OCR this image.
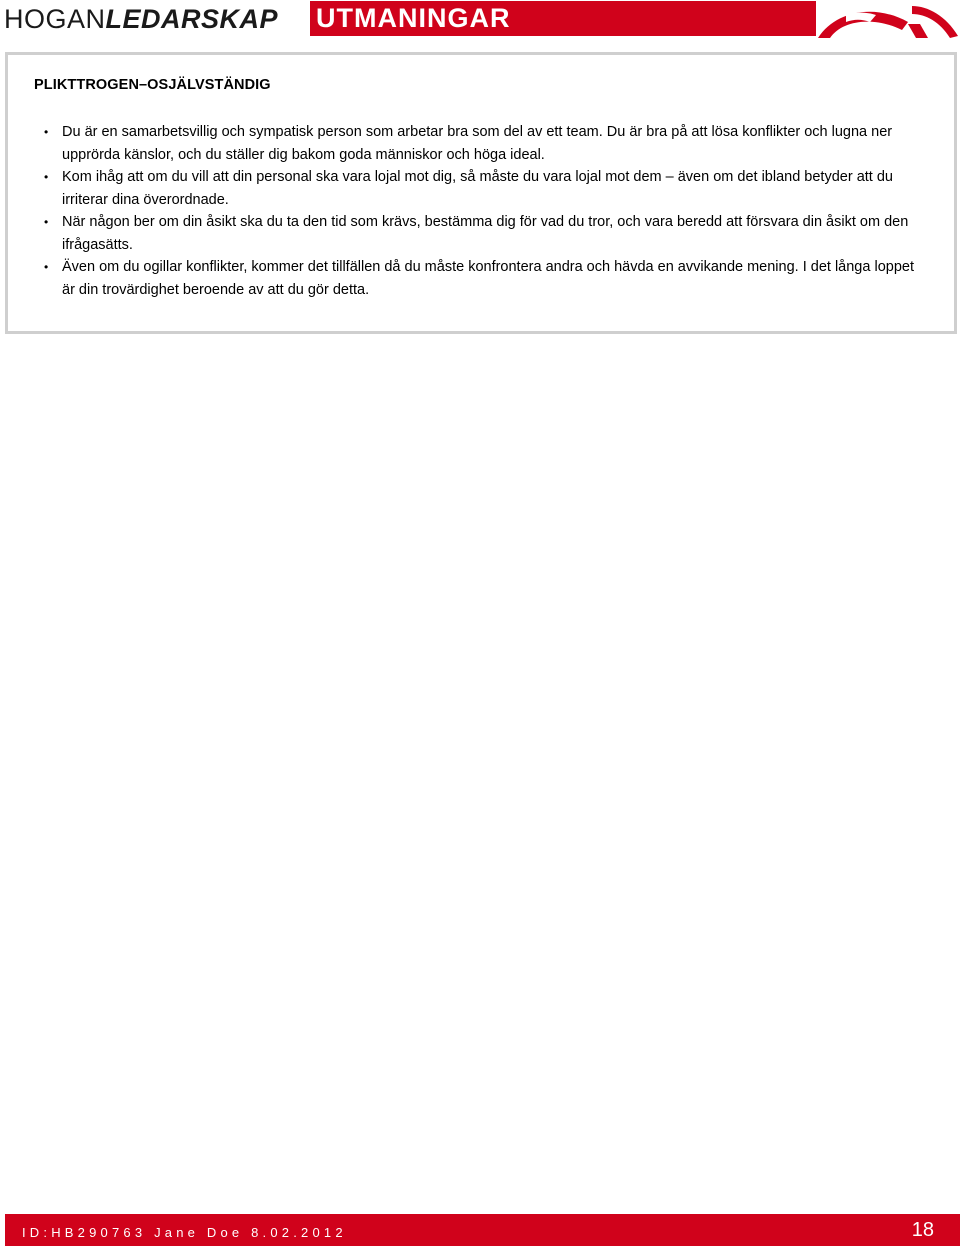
HOGANLEDARSKAP UTMANINGAR
PLIKTTROGEN–OSJÄLVSTÄNDIG
• Du är en samarbetsvillig och sympatisk person som arbetar bra som del av ett team. Du är bra på att lösa konflikter och lugna ner upprörda känslor, och du ställer dig bakom goda människor och höga ideal.
• Kom ihåg att om du vill att din personal ska vara lojal mot dig, så måste du vara lojal mot dem – även om det ibland betyder att du irriterar dina överordnade.
• När någon ber om din åsikt ska du ta den tid som krävs, bestämma dig för vad du tror, och vara beredd att försvara din åsikt om den ifrågasätts.
• Även om du ogillar konflikter, kommer det tillfällen då du måste konfrontera andra och hävda en avvikande mening. I det långa loppet är din trovärdighet beroende av att du gör detta.
ID:HB290763 Jane Doe 8.02.2012	18
